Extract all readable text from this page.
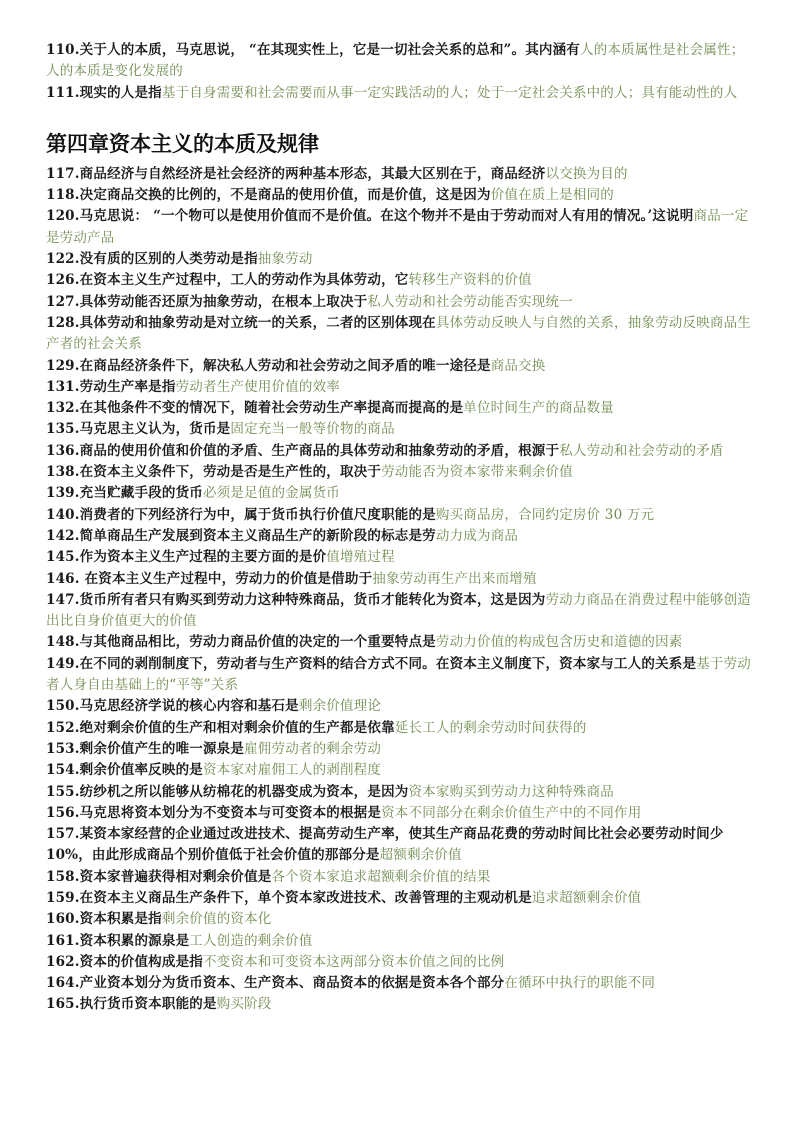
110.关于人的本质，马克思说， “在其现实性上，它是一切社会关系的总和”。其内涵有人的本质属性是社会属性；人的本质是变化发展的

111.现实的人是指基于自身需要和社会需要而从事一定实践活动的人；处于一定社会关系中的人；具有能动性的人

第四章资本主义的本质及规律

117.商品经济与自然经济是社会经济的两种基本形态，其最大区别在于，商品经济以交换为目的

118.决定商品交换的比例的，不是商品的使用价值，而是价值，这是因为价值在质上是相同的

120.马克思说： “一个物可以是使用价值而不是价值。在这个物并不是由于劳动而对人有用的情况。’这说明商品一定是劳动产品

122.没有质的区别的人类劳动是指抽象劳动

126.在资本主义生产过程中，工人的劳动作为具体劳动，它转移生产资料的价值

127.具体劳动能否还原为抽象劳动，在根本上取决于私人劳动和社会劳动能否实现统一

128.具体劳动和抽象劳动是对立统一的关系，二者的区别体现在具体劳动反映人与自然的关系，抽象劳动反映商品生产者的社会关系

129.在商品经济条件下，解决私人劳动和社会劳动之间矛盾的唯一途径是商品交换

131.劳动生产率是指劳动者生产使用价值的效率

132.在其他条件不变的情况下，随着社会劳动生产率提高而提高的是单位时间生产的商品数量

135.马克思主义认为，货币是固定充当一般等价物的商品

136.商品的使用价值和价值的矛盾、生产商品的具体劳动和抽象劳动的矛盾，根源于私人劳动和社会劳动的矛盾

138.在资本主义条件下，劳动是否是生产性的，取决于劳动能否为资本家带来剩余价值

139.充当贮藏手段的货币必须是足值的金属货币

140.消费者的下列经济行为中，属于货币执行价值尺度职能的是购买商品房，合同约定房价 30 万元

142.简单商品生产发展到资本主义商品生产的新阶段的标志是劳动力成为商品

145.作为资本主义生产过程的主要方面的是价值增殖过程

146. 在资本主义生产过程中，劳动力的价值是借助于抽象劳动再生产出来而增殖

147.货币所有者只有购买到劳动力这种特殊商品，货币才能转化为资本，这是因为劳动力商品在消费过程中能够创造出比自身价值更大的价值

148.与其他商品相比，劳动力商品价值的决定的一个重要特点是劳动力价值的构成包含历史和道德的因素

149.在不同的剥削制度下，劳动者与生产资料的结合方式不同。在资本主义制度下，资本家与工人的关系是基于劳动者人身自由基础上的“平等”关系

150.马克思经济学说的核心内容和基石是剩余价值理论

152.绝对剩余价值的生产和相对剩余价值的生产都是依靠延长工人的剩余劳动时间获得的

153.剩余价值产生的唯一源泉是雇佣劳动者的剩余劳动

154.剩余价值率反映的是资本家对雇佣工人的剥削程度

155.纺纱机之所以能够从纺棉花的机器变成为资本，是因为资本家购买到劳动力这种特殊商品

156.马克思将资本划分为不变资本与可变资本的根据是资本不同部分在剩余价值生产中的不同作用

157.某资本家经营的企业通过改进技术、提高劳动生产率，使其生产商品花费的劳动时间比社会必要劳动时间少 10%，由此形成商品个别价值低于社会价值的那部分是超额剩余价值

158.资本家普遍获得相对剩余价值是各个资本家追求超额剩余价值的结果

159.在资本主义商品生产条件下，单个资本家改进技术、改善管理的主观动机是追求超额剩余价值

160.资本积累是指剩余价值的资本化

161.资本积累的源泉是工人创造的剩余价值

162.资本的价值构成是指不变资本和可变资本这两部分资本价值之间的比例

164.产业资本划分为货币资本、生产资本、商品资本的依据是资本各个部分在循环中执行的职能不同

165.执行货币资本职能的是购买阶段
